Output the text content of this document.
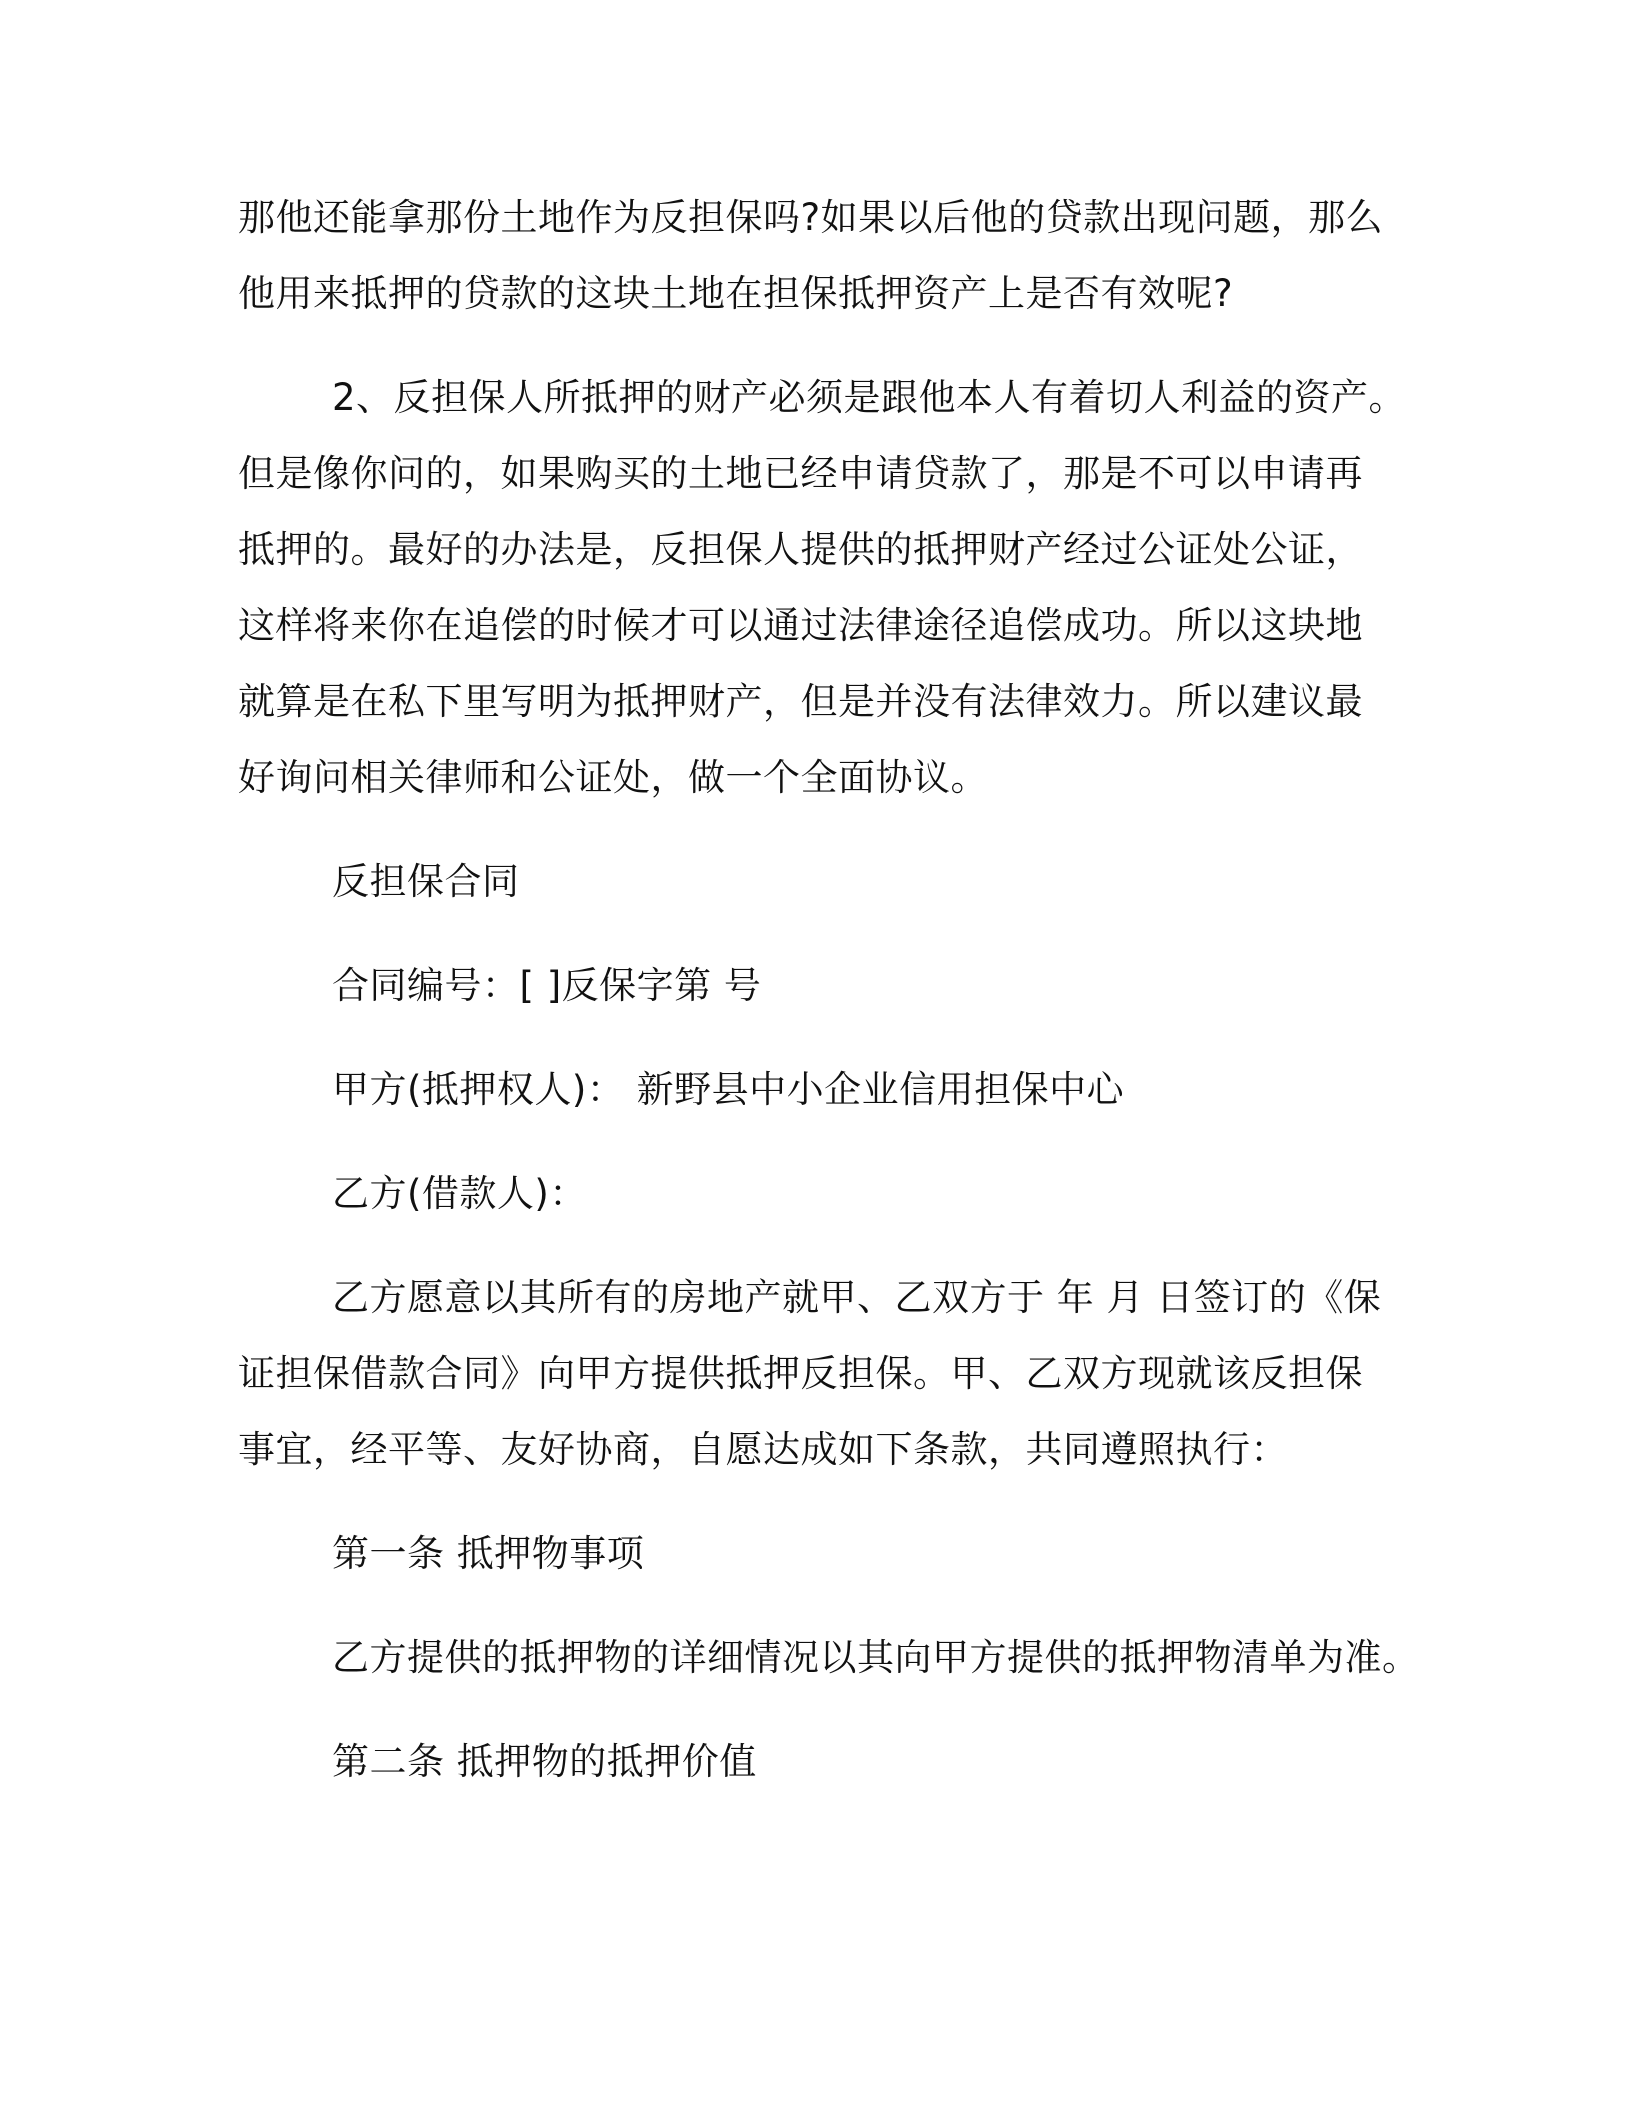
那他还能拿那份土地作为反担保吗?如果以后他的贷款出现问题，那么
他用来抵押的贷款的这块土地在担保抵押资产上是否有效呢?
2、反担保人所抵押的财产必须是跟他本人有着切人利益的资产。
但是像你问的，如果购买的土地已经申请贷款了，那是不可以申请再
抵押的。最好的办法是，反担保人提供的抵押财产经过公证处公证，
这样将来你在追偿的时候才可以通过法律途径追偿成功。所以这块地
就算是在私下里写明为抵押财产，但是并没有法律效力。所以建议最
好询问相关律师和公证处，做一个全面协议。
反担保合同
合同编号：[ ]反保字第 号
甲方(抵押权人)： 新野县中小企业信用担保中心
乙方(借款人)：
乙方愿意以其所有的房地产就甲、乙双方于 年 月 日签订的《保
证担保借款合同》向甲方提供抵押反担保。甲、乙双方现就该反担保
事宜，经平等、友好协商，自愿达成如下条款，共同遵照执行：
第一条 抵押物事项
乙方提供的抵押物的详细情况以其向甲方提供的抵押物清单为准。
第二条 抵押物的抵押价值
